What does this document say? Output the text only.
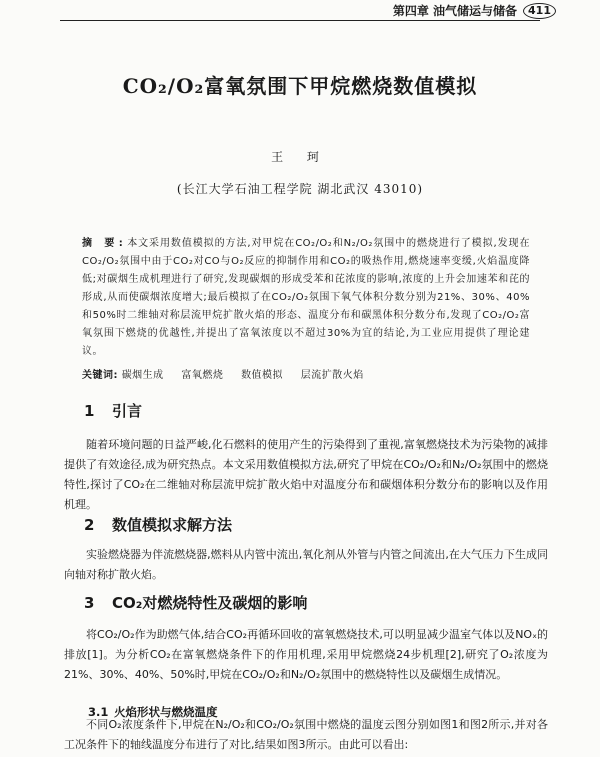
第四章 油气储运与储备	411
CO₂/O₂富氧氛围下甲烷燃烧数值模拟
王 珂
(长江大学石油工程学院 湖北武汉 43010)
摘 要:本文采用数值模拟的方法,对甲烷在CO₂/O₂和N₂/O₂氛围中的燃烧进行了模拟,发现在CO₂/O₂氛围中由于CO₂对CO与O₂反应的抑制作用和CO₂的吸热作用,燃烧速率变缓,火焰温度降低;对碳烟生成机理进行了研究,发现碳烟的形成受苯和芘浓度的影响,浓度的上升会加速苯和芘的形成,从而使碳烟浓度增大;最后模拟了在CO₂/O₂氛围下氧气体积分数分别为21%、30%、40%和50%时二维轴对称层流甲烷扩散火焰的形态、温度分布和碳黑体积分数分布,发现了CO₂/O₂富氧氛围下燃烧的优越性,并提出了富氧浓度以不超过30%为宜的结论,为工业应用提供了理论建议。
关键词: 碳烟生成 富氧燃烧 数值模拟 层流扩散火焰
1 引言

随着环境问题的日益严峻,化石燃料的使用产生的污染得到了重视,富氧燃烧技术为污染物的减排提供了有效途径,成为研究热点。本文采用数值模拟方法,研究了甲烷在CO₂/O₂和N₂/O₂氛围中的燃烧特性,探讨了CO₂在二维轴对称层流甲烷扩散火焰中对温度分布和碳烟体积分数分布的影响以及作用机理。

2 数值模拟求解方法

实验燃烧器为伴流燃烧器,燃料从内管中流出,氧化剂从外管与内管之间流出,在大气压力下生成同向轴对称扩散火焰。

3 CO₂对燃烧特性及碳烟的影响

将CO₂/O₂作为助燃气体,结合CO₂再循环回收的富氧燃烧技术,可以明显减少温室气体以及NOₓ的排放[1]。为分析CO₂在富氧燃烧条件下的作用机理,采用甲烷燃烧24步机理[2],研究了O₂浓度为21%、30%、40%、50%时,甲烷在CO₂/O₂和N₂/O₂氛围中的燃烧特性以及碳烟生成情况。

3.1 火焰形状与燃烧温度

不同O₂浓度条件下,甲烷在N₂/O₂和CO₂/O₂氛围中燃烧的温度云图分别如图1和图2所示,并对各工况条件下的轴线温度分布进行了对比,结果如图3所示。由此可以看出:
